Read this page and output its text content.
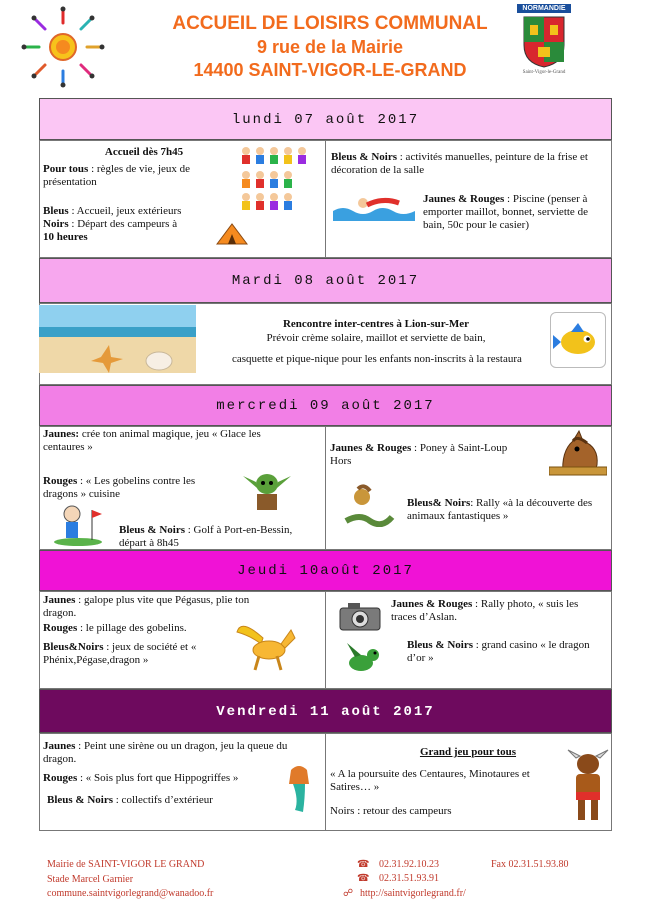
ACCUEIL DE LOISIRS COMMUNAL
9 rue de la Mairie
14400 SAINT-VIGOR-LE-GRAND
NORMANDIE
Saint-Vigor-le-Grand
lundi 07 août 2017
Accueil dès 7h45
Pour tous : règles de vie, jeux de présentation
Bleus : Accueil, jeux extérieurs
Noirs : Départ des campeurs à
10 heures
Bleus & Noirs : activités manuelles, peinture de la frise et décoration de la salle
Jaunes & Rouges : Piscine (penser à emporter maillot, bonnet, serviette de bain, 50c pour le casier)
Mardi 08 août 2017
Rencontre inter-centres à Lion-sur-Mer
Prévoir crème solaire, maillot et serviette de bain,
casquette et pique-nique pour les enfants non-inscrits à la restaura
mercredi 09 août 2017
Jaunes: crée ton animal magique, jeu « Glace les centaures »
Rouges : « Les gobelins contre les dragons » cuisine
Bleus & Noirs : Golf à Port-en-Bessin, départ à 8h45
Jaunes & Rouges : Poney à Saint-Loup Hors
Bleus& Noirs: Rally «à la découverte des animaux fantastiques »
Jeudi 10août 2017
Jaunes : galope plus vite que Pégasus, plie ton dragon.
Rouges : le pillage des gobelins.
Bleus&Noirs : jeux de société et « Phénix,Pégase,dragon »
Jaunes & Rouges : Rally photo, « suis les traces d’Aslan.
Bleus & Noirs : grand casino « le dragon d’or »
Vendredi 11 août 2017
Jaunes : Peint une sirène ou un dragon, jeu la queue du dragon.
Rouges : « Sois plus fort que Hippogriffes »
Bleus & Noirs : collectifs d’extérieur
Grand jeu pour tous
« A la poursuite des Centaures, Minotaures et Satires… »
Noirs : retour des campeurs
Mairie de SAINT-VIGOR LE GRAND
Stade Marcel Garnier
commune.saintvigorlegrand@wanadoo.fr
☎ 02.31.92.10.23	Fax 02.31.51.93.80
☎ 02.31.51.93.91
☍ http://saintvigorlegrand.fr/
